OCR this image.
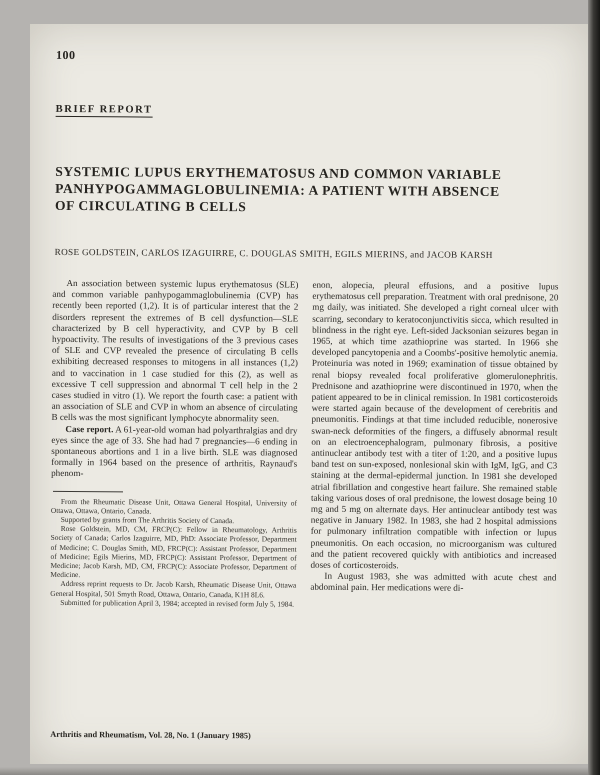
100
BRIEF REPORT
SYSTEMIC LUPUS ERYTHEMATOSUS AND COMMON VARIABLE
PANHYPOGAMMAGLOBULINEMIA: A PATIENT WITH ABSENCE
OF CIRCULATING B CELLS
ROSE GOLDSTEIN, CARLOS IZAGUIRRE, C. DOUGLAS SMITH, EGILS MIERINS, and JACOB KARSH

An association between systemic lupus erythematosus (SLE) and common variable panhypogammaglobulinemia (CVP) has recently been reported (1,2). It is of particular interest that the 2 disorders represent the extremes of B cell dysfunction—SLE characterized by B cell hyperactivity, and CVP by B cell hypoactivity. The results of investigations of the 3 previous cases of SLE and CVP revealed the presence of circulating B cells exhibiting decreased responses to mitogens in all instances (1,2) and to vaccination in 1 case studied for this (2), as well as excessive T cell suppression and abnormal T cell help in the 2 cases studied in vitro (1). We report the fourth case: a patient with an association of SLE and CVP in whom an absence of circulating B cells was the most significant lymphocyte abnormality seen.

Case report. A 61-year-old woman had polyarthralgias and dry eyes since the age of 33. She had had 7 pregnancies—6 ending in spontaneous abortions and 1 in a live birth. SLE was diagnosed formally in 1964 based on the presence of arthritis, Raynaud's phenom-

From the Rheumatic Disease Unit, Ottawa General Hospital, University of Ottawa, Ottawa, Ontario, Canada.

Supported by grants from The Arthritis Society of Canada.

Rose Goldstein, MD, CM, FRCP(C): Fellow in Rheumatology, Arthritis Society of Canada; Carlos Izaguirre, MD, PhD: Associate Professor, Department of Medicine; C. Douglas Smith, MD, FRCP(C): Assistant Professor, Department of Medicine; Egils Mierins, MD, FRCP(C): Assistant Professor, Department of Medicine; Jacob Karsh, MD, CM, FRCP(C): Associate Professor, Department of Medicine.

Address reprint requests to Dr. Jacob Karsh, Rheumatic Disease Unit, Ottawa General Hospital, 501 Smyth Road, Ottawa, Ontario, Canada, K1H 8L6.

Submitted for publication April 3, 1984; accepted in revised form July 5, 1984.

enon, alopecia, pleural effusions, and a positive lupus erythematosus cell preparation. Treatment with oral prednisone, 20 mg daily, was initiated. She developed a right corneal ulcer with scarring, secondary to keratoconjunctivitis sicca, which resulted in blindness in the right eye. Left-sided Jacksonian seizures began in 1965, at which time azathioprine was started. In 1966 she developed pancytopenia and a Coombs'-positive hemolytic anemia. Proteinuria was noted in 1969; examination of tissue obtained by renal biopsy revealed focal proliferative glomerulonephritis. Prednisone and azathioprine were discontinued in 1970, when the patient appeared to be in clinical remission. In 1981 corticosteroids were started again because of the development of cerebritis and pneumonitis. Findings at that time included reducible, nonerosive swan-neck deformities of the fingers, a diffusely abnormal result on an electroencephalogram, pulmonary fibrosis, a positive antinuclear antibody test with a titer of 1:20, and a positive lupus band test on sun-exposed, nonlesional skin with IgM, IgG, and C3 staining at the dermal-epidermal junction. In 1981 she developed atrial fibrillation and congestive heart failure. She remained stable taking various doses of oral prednisone, the lowest dosage being 10 mg and 5 mg on alternate days. Her antinuclear antibody test was negative in January 1982. In 1983, she had 2 hospital admissions for pulmonary infiltration compatible with infection or lupus pneumonitis. On each occasion, no microorganism was cultured and the patient recovered quickly with antibiotics and increased doses of corticosteroids.

In August 1983, she was admitted with acute chest and abdominal pain. Her medications were di-

Arthritis and Rheumatism, Vol. 28, No. 1 (January 1985)
